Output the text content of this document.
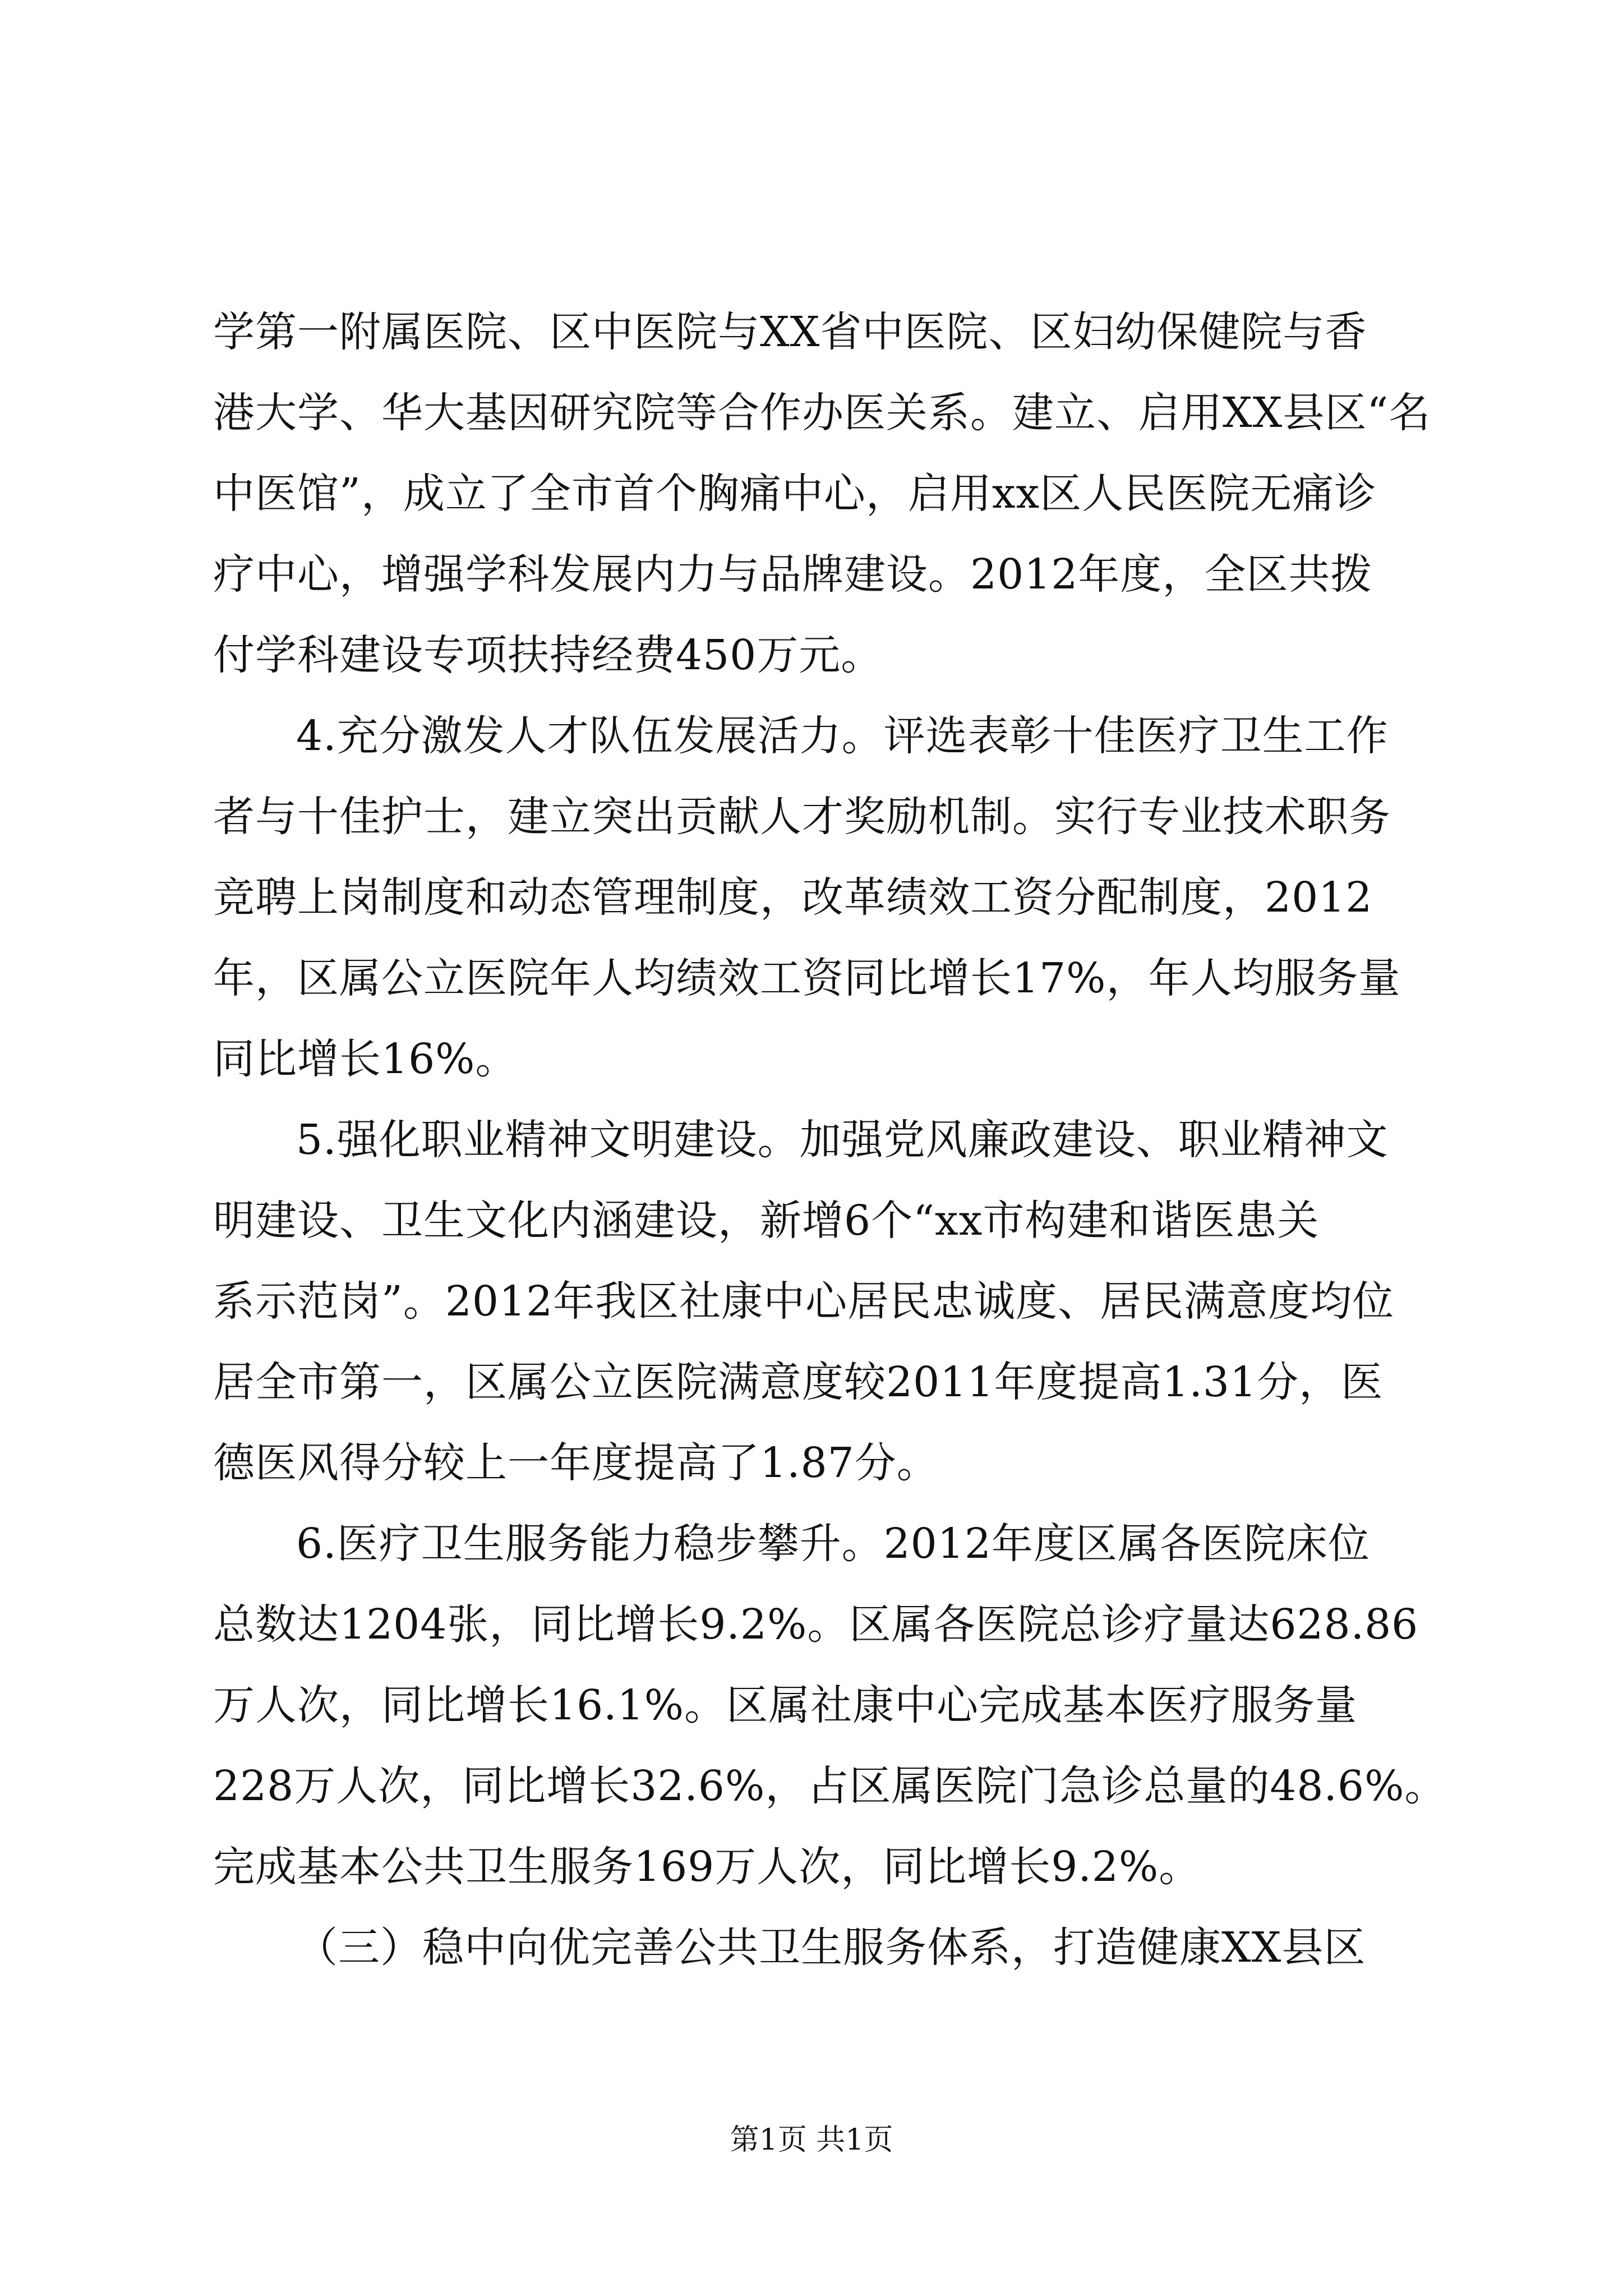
学第一附属医院、区中医院与XX省中医院、区妇幼保健院与香
港大学、华大基因研究院等合作办医关系。建立、启用XX县区“名
中医馆”，成立了全市首个胸痛中心，启用xx区人民医院无痛诊
疗中心，增强学科发展内力与品牌建设。2012年度，全区共拨
付学科建设专项扶持经费450万元。
4.充分激发人才队伍发展活力。评选表彰十佳医疗卫生工作
者与十佳护士，建立突出贡献人才奖励机制。实行专业技术职务
竞聘上岗制度和动态管理制度，改革绩效工资分配制度，2012
年，区属公立医院年人均绩效工资同比增长17%，年人均服务量
同比增长16%。
5.强化职业精神文明建设。加强党风廉政建设、职业精神文
明建设、卫生文化内涵建设，新增6个“xx市构建和谐医患关
系示范岗”。2012年我区社康中心居民忠诚度、居民满意度均位
居全市第一，区属公立医院满意度较2011年度提高1.31分，医
德医风得分较上一年度提高了1.87分。
6.医疗卫生服务能力稳步攀升。2012年度区属各医院床位
总数达1204张，同比增长9.2%。区属各医院总诊疗量达628.86
万人次，同比增长16.1%。区属社康中心完成基本医疗服务量
228万人次，同比增长32.6%，占区属医院门急诊总量的48.6%。
完成基本公共卫生服务169万人次，同比增长9.2%。
（三）稳中向优完善公共卫生服务体系，打造健康XX县区
第1页 共1页
